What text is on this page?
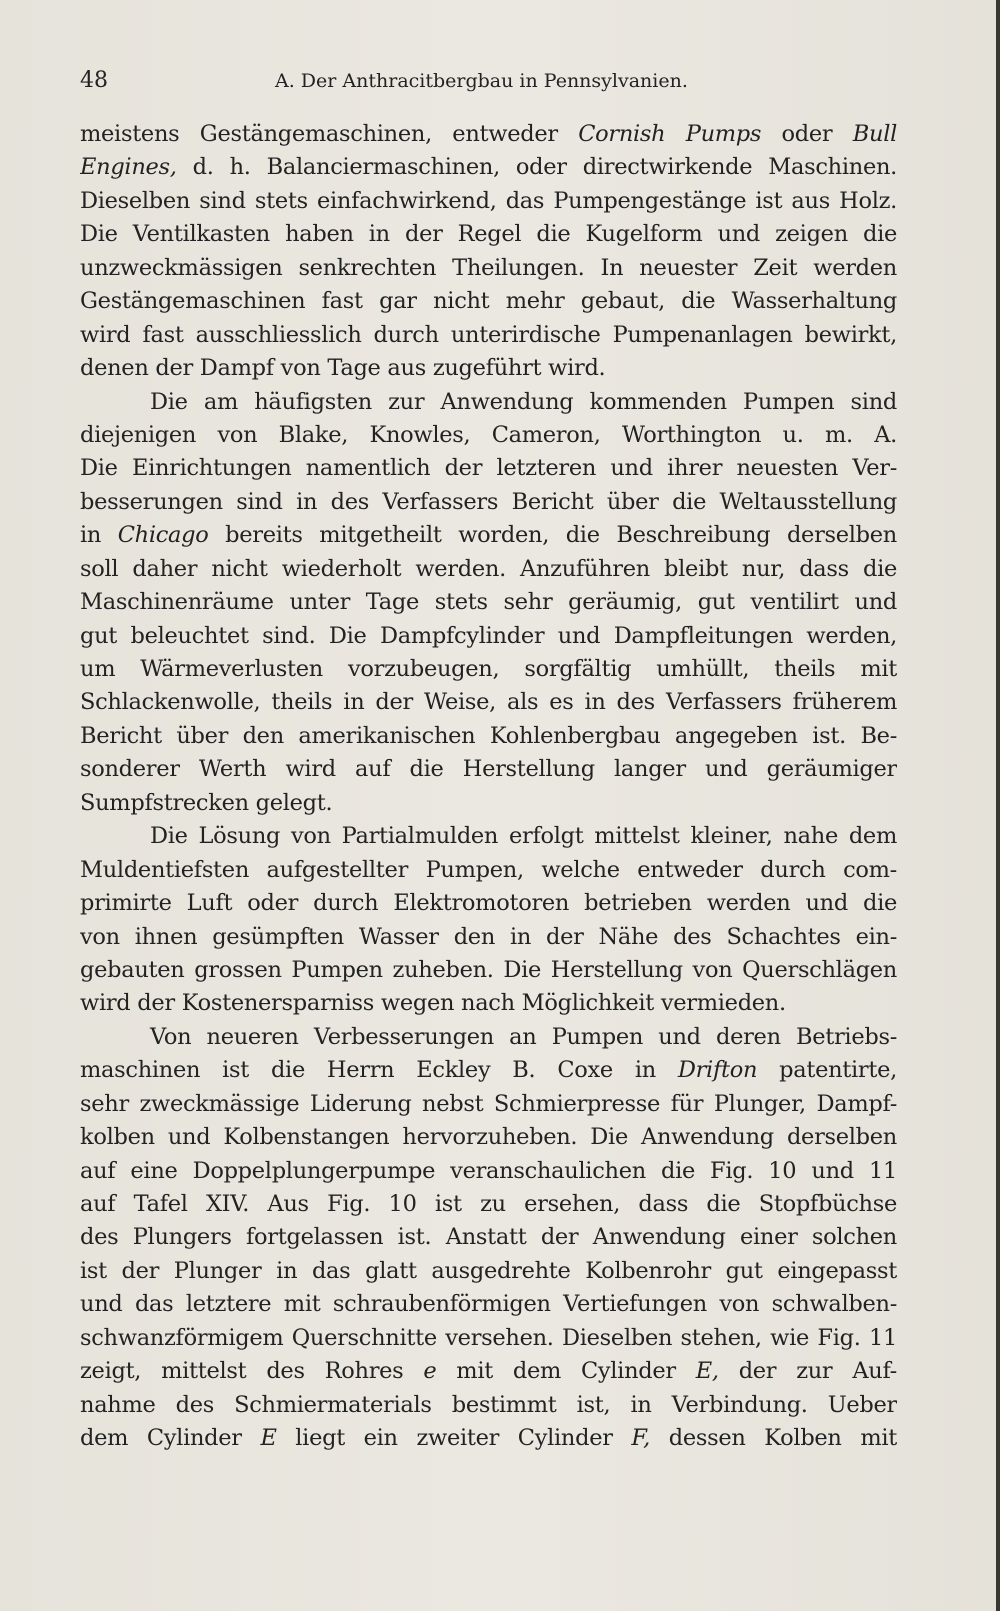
48	A. Der Anthracitbergbau in Pennsylvanien.
meistens Gestängemaschinen, entweder Cornish Pumps oder Bull
Engines, d. h. Balanciermaschinen, oder directwirkende Maschinen.
Dieselben sind stets einfachwirkend, das Pumpengestänge ist aus Holz.
Die Ventilkasten haben in der Regel die Kugelform und zeigen die
unzweckmässigen senkrechten Theilungen. In neuester Zeit werden
Gestängemaschinen fast gar nicht mehr gebaut, die Wasserhaltung
wird fast ausschliesslich durch unterirdische Pumpenanlagen bewirkt,
denen der Dampf von Tage aus zugeführt wird.
Die am häufigsten zur Anwendung kommenden Pumpen sind
diejenigen von Blake, Knowles, Cameron, Worthington u. m. A.
Die Einrichtungen namentlich der letzteren und ihrer neuesten Ver-
besserungen sind in des Verfassers Bericht über die Weltausstellung
in Chicago bereits mitgetheilt worden, die Beschreibung derselben
soll daher nicht wiederholt werden. Anzuführen bleibt nur, dass die
Maschinenräume unter Tage stets sehr geräumig, gut ventilirt und
gut beleuchtet sind. Die Dampfcylinder und Dampfleitungen werden,
um Wärmeverlusten vorzubeugen, sorgfältig umhüllt, theils mit
Schlackenwolle, theils in der Weise, als es in des Verfassers früherem
Bericht über den amerikanischen Kohlenbergbau angegeben ist. Be-
sonderer Werth wird auf die Herstellung langer und geräumiger
Sumpfstrecken gelegt.
Die Lösung von Partialmulden erfolgt mittelst kleiner, nahe dem
Muldentiefsten aufgestellter Pumpen, welche entweder durch com-
primirte Luft oder durch Elektromotoren betrieben werden und die
von ihnen gesümpften Wasser den in der Nähe des Schachtes ein-
gebauten grossen Pumpen zuheben. Die Herstellung von Querschlägen
wird der Kostenersparniss wegen nach Möglichkeit vermieden.
Von neueren Verbesserungen an Pumpen und deren Betriebs-
maschinen ist die Herrn Eckley B. Coxe in Drifton patentirte,
sehr zweckmässige Liderung nebst Schmierpresse für Plunger, Dampf-
kolben und Kolbenstangen hervorzuheben. Die Anwendung derselben
auf eine Doppelplungerpumpe veranschaulichen die Fig. 10 und 11
auf Tafel XIV. Aus Fig. 10 ist zu ersehen, dass die Stopfbüchse
des Plungers fortgelassen ist. Anstatt der Anwendung einer solchen
ist der Plunger in das glatt ausgedrehte Kolbenrohr gut eingepasst
und das letztere mit schraubenförmigen Vertiefungen von schwalben-
schwanzförmigem Querschnitte versehen. Dieselben stehen, wie Fig. 11
zeigt, mittelst des Rohres e mit dem Cylinder E, der zur Auf-
nahme des Schmiermaterials bestimmt ist, in Verbindung. Ueber
dem Cylinder E liegt ein zweiter Cylinder F, dessen Kolben mit
